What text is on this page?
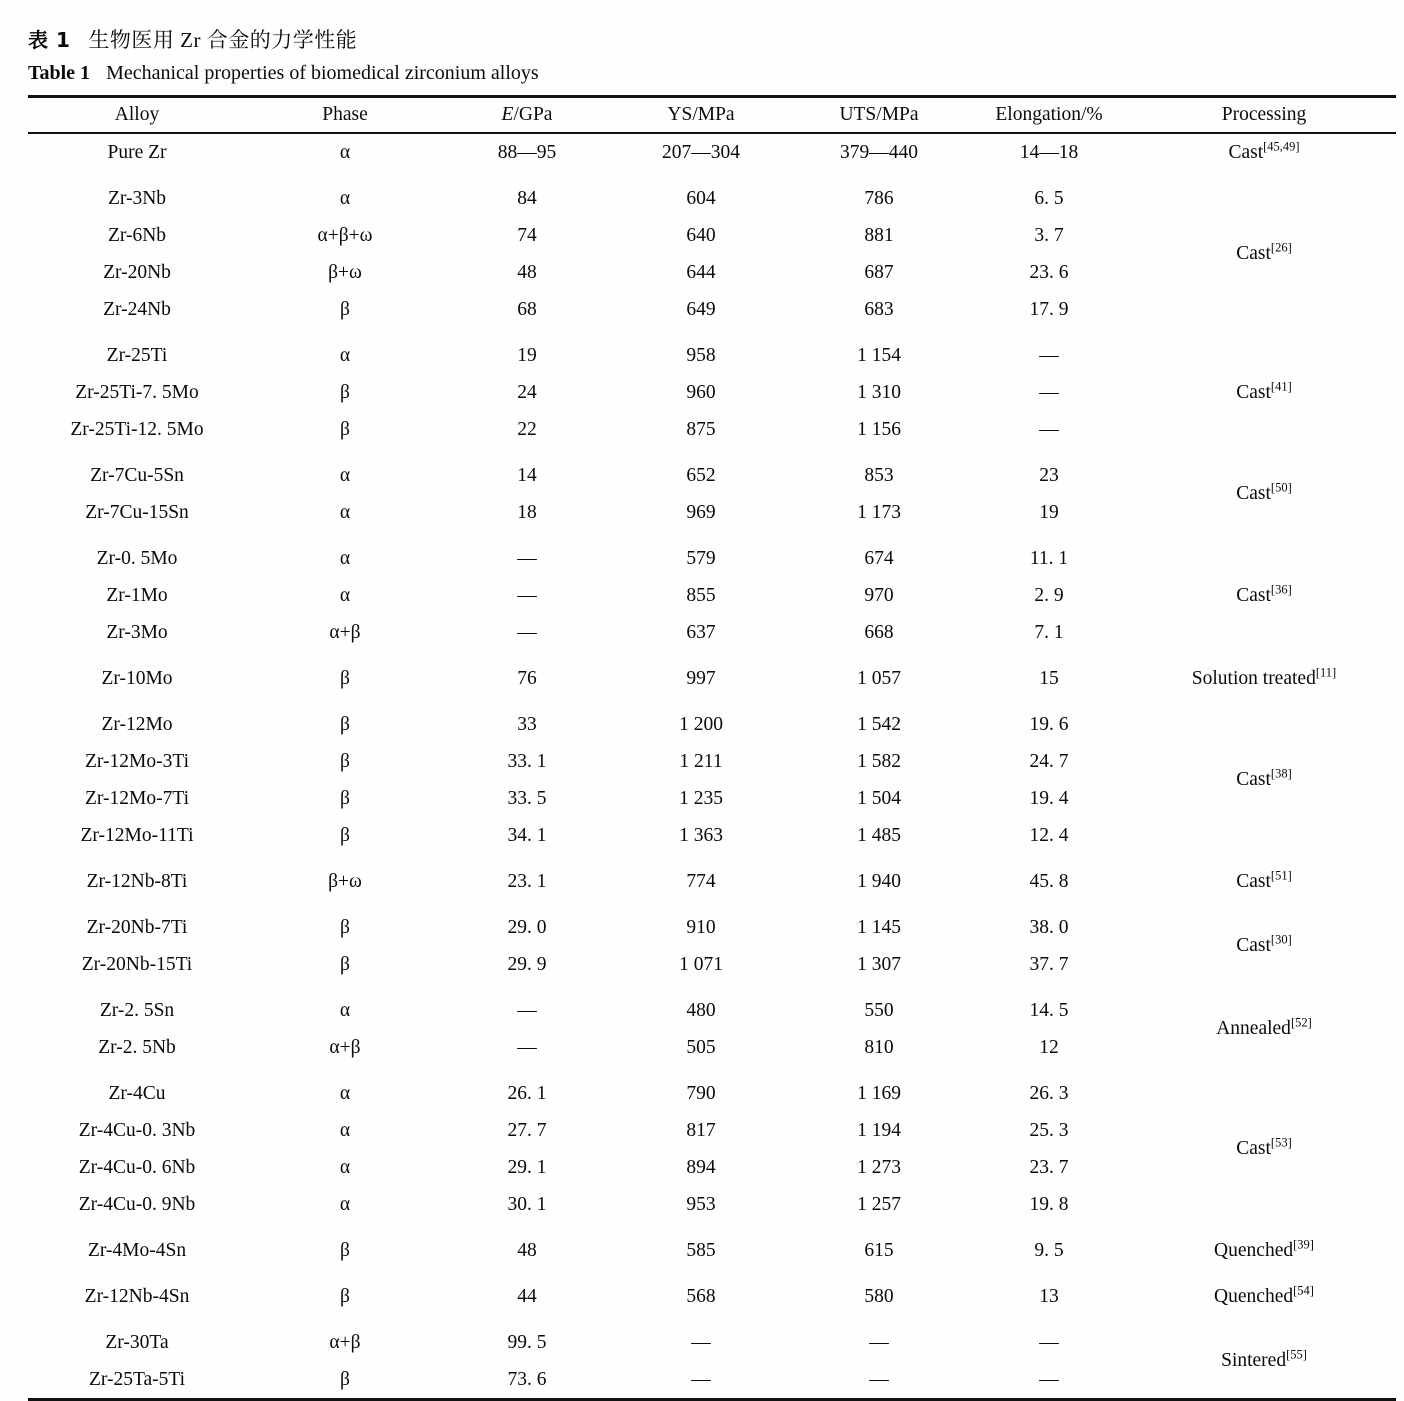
表 1 生物医用 Zr 合金的力学性能

Table 1 Mechanical properties of biomedical zirconium alloys

Alloy	Phase	E/GPa	YS/MPa	UTS/MPa	Elongation/%	Processing
Pure Zr	α	88—95	207—304	379—440	14—18	Cast[45,49]
Zr-3Nb	α	84	604	786	6. 5	Cast[26]
Zr-6Nb	α+β+ω	74	640	881	3. 7	
Zr-20Nb	β+ω	48	644	687	23. 6	
Zr-24Nb	β	68	649	683	17. 9	
Zr-25Ti	α	19	958	1 154	—	Cast[41]
Zr-25Ti-7. 5Mo	β	24	960	1 310	—	
Zr-25Ti-12. 5Mo	β	22	875	1 156	—	
Zr-7Cu-5Sn	α	14	652	853	23	Cast[50]
Zr-7Cu-15Sn	α	18	969	1 173	19	
Zr-0. 5Mo	α	—	579	674	11. 1	Cast[36]
Zr-1Mo	α	—	855	970	2. 9	
Zr-3Mo	α+β	—	637	668	7. 1	
Zr-10Mo	β	76	997	1 057	15	Solution treated[11]
Zr-12Mo	β	33	1 200	1 542	19. 6	Cast[38]
Zr-12Mo-3Ti	β	33. 1	1 211	1 582	24. 7	
Zr-12Mo-7Ti	β	33. 5	1 235	1 504	19. 4	
Zr-12Mo-11Ti	β	34. 1	1 363	1 485	12. 4	
Zr-12Nb-8Ti	β+ω	23. 1	774	1 940	45. 8	Cast[51]
Zr-20Nb-7Ti	β	29. 0	910	1 145	38. 0	Cast[30]
Zr-20Nb-15Ti	β	29. 9	1 071	1 307	37. 7	
Zr-2. 5Sn	α	—	480	550	14. 5	Annealed[52]
Zr-2. 5Nb	α+β	—	505	810	12	
Zr-4Cu	α	26. 1	790	1 169	26. 3	Cast[53]
Zr-4Cu-0. 3Nb	α	27. 7	817	1 194	25. 3	
Zr-4Cu-0. 6Nb	α	29. 1	894	1 273	23. 7	
Zr-4Cu-0. 9Nb	α	30. 1	953	1 257	19. 8	
Zr-4Mo-4Sn	β	48	585	615	9. 5	Quenched[39]
Zr-12Nb-4Sn	β	44	568	580	13	Quenched[54]
Zr-30Ta	α+β	99. 5	—	—	—	Sintered[55]
Zr-25Ta-5Ti	β	73. 6	—	—	—	
